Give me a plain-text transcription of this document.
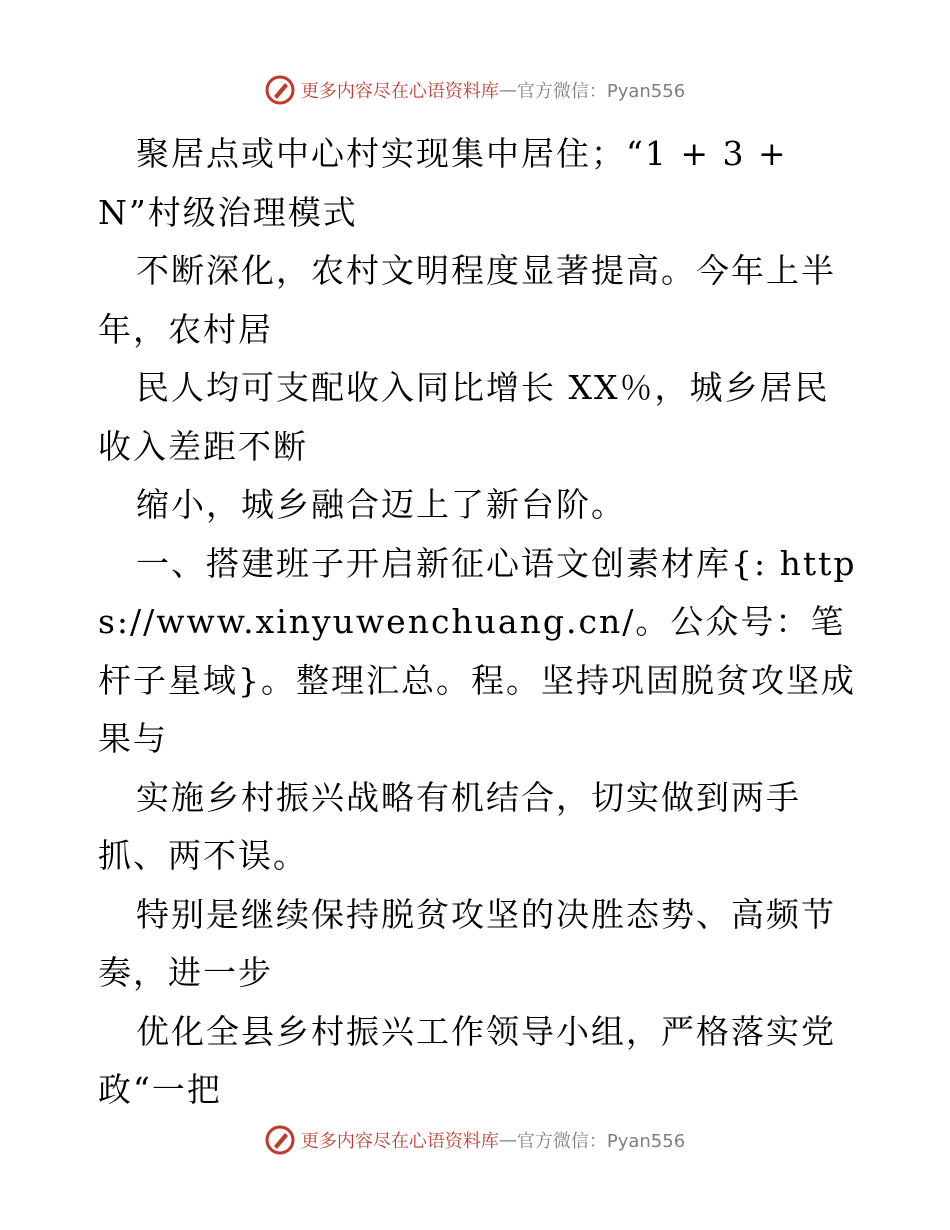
更多内容尽在心语资料库 — 官方微信：Pyan556

聚居点或中心村实现集中居住；“1 + 3 + N”村级治理模式

不断深化，农村文明程度显著提高。今年上半年，农村居

民人均可支配收入同比增长 XX％，城乡居民收入差距不断

缩小，城乡融合迈上了新台阶。

一、搭建班子开启新征心语文创素材库{: https://www.xinyuwenchuang.cn/。公众号：笔杆子星域}。整理汇总。程。坚持巩固脱贫攻坚成果与

实施乡村振兴战略有机结合，切实做到两手抓、两不误。

特别是继续保持脱贫攻坚的决胜态势、高频节奏，进一步

优化全县乡村振兴工作领导小组，严格落实党政“一把

更多内容尽在心语资料库 — 官方微信：Pyan556
